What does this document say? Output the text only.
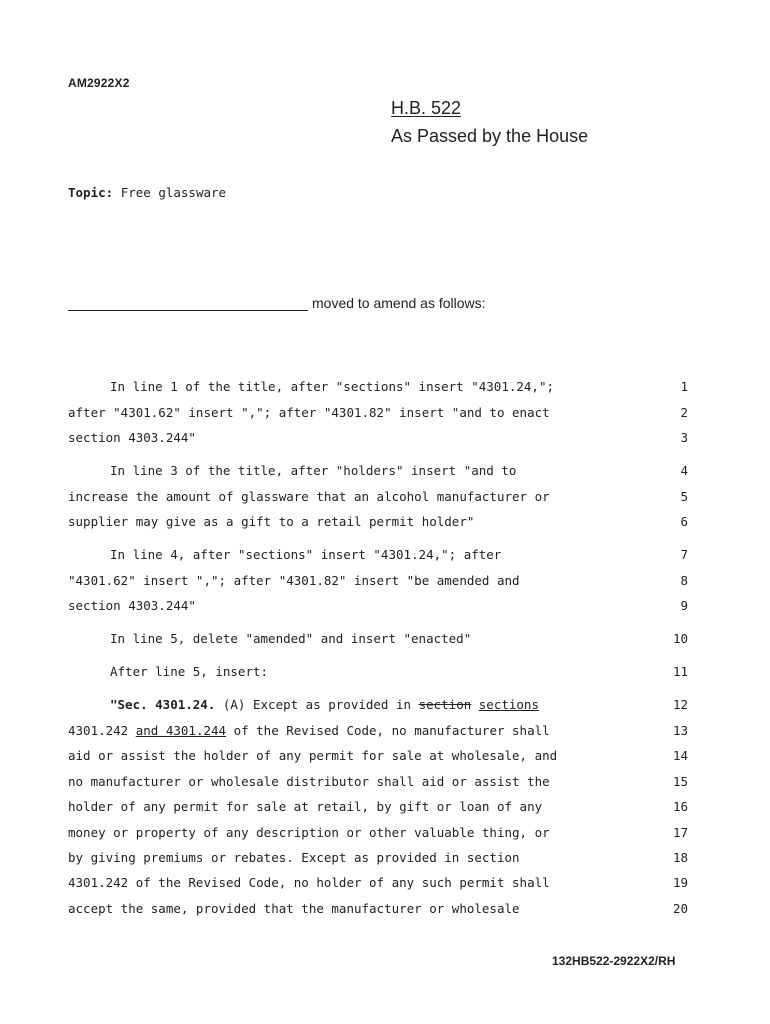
AM2922X2
H.B. 522
As Passed by the House
Topic: Free glassware
moved to amend as follows:

In line 1 of the title, after "sections" insert "4301.24,";

	1

after "4301.62" insert ","; after "4301.82" insert "and to enact

	2

section 4303.244"

	3

In line 3 of the title, after "holders" insert "and to

	4

increase the amount of glassware that an alcohol manufacturer or

	5

supplier may give as a gift to a retail permit holder"

	6

In line 4, after "sections" insert "4301.24,"; after

	7

"4301.62" insert ","; after "4301.82" insert "be amended and

	8

section 4303.244"

	9

In line 5, delete "amended" and insert "enacted"

	10

After line 5, insert:

	11

"Sec. 4301.24. (A) Except as provided in section sections

	12

4301.242 and 4301.244 of the Revised Code, no manufacturer shall

	13

aid or assist the holder of any permit for sale at wholesale, and

	14

no manufacturer or wholesale distributor shall aid or assist the

	15

holder of any permit for sale at retail, by gift or loan of any

	16

money or property of any description or other valuable thing, or

	17

by giving premiums or rebates. Except as provided in section

	18

4301.242 of the Revised Code, no holder of any such permit shall

	19

accept the same, provided that the manufacturer or wholesale

	20

132HB522-2922X2/RH
